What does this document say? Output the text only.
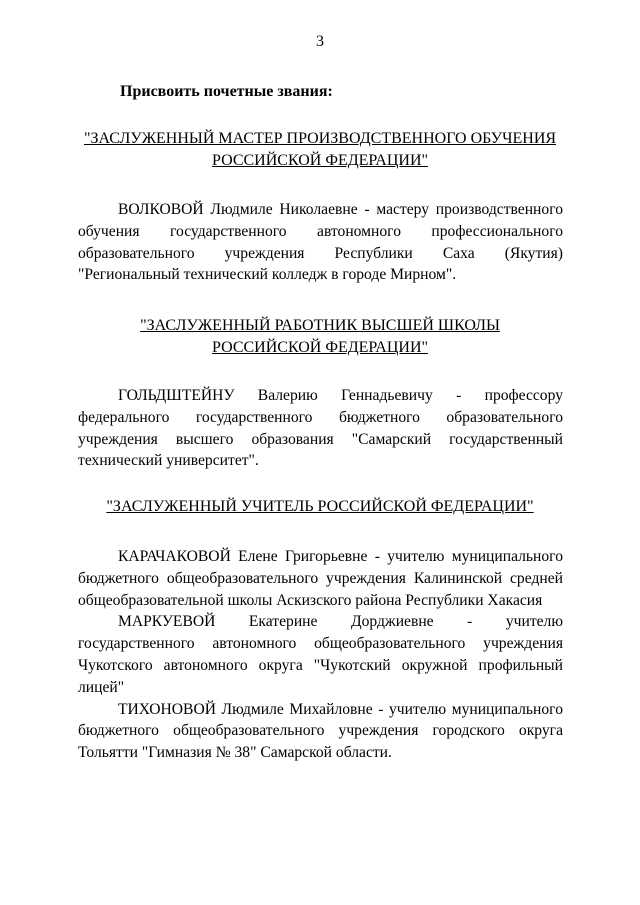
3
Присвоить почетные звания:
"ЗАСЛУЖЕННЫЙ МАСТЕР ПРОИЗВОДСТВЕННОГО ОБУЧЕНИЯ
РОССИЙСКОЙ ФЕДЕРАЦИИ"

ВОЛКОВОЙ Людмиле Николаевне - мастеру производственного обучения государственного автономного профессионального образовательного учреждения Республики Саха (Якутия) "Региональный технический колледж в городе Мирном".

"ЗАСЛУЖЕННЫЙ РАБОТНИК ВЫСШЕЙ ШКОЛЫ
РОССИЙСКОЙ ФЕДЕРАЦИИ"

ГОЛЬДШТЕЙНУ Валерию Геннадьевичу - профессору федерального государственного бюджетного образовательного учреждения высшего образования "Самарский государственный технический университет".

"ЗАСЛУЖЕННЫЙ УЧИТЕЛЬ РОССИЙСКОЙ ФЕДЕРАЦИИ"

КАРАЧАКОВОЙ Елене Григорьевне - учителю муниципального бюджетного общеобразовательного учреждения Калининской средней общеобразовательной школы Аскизского района Республики Хакасия

МАРКУЕВОЙ Екатерине Дорджиевне - учителю государственного автономного общеобразовательного учреждения Чукотского автономного округа "Чукотский окружной профильный лицей"

ТИХОНОВОЙ Людмиле Михайловне - учителю муниципального бюджетного общеобразовательного учреждения городского округа Тольятти "Гимназия № 38" Самарской области.
